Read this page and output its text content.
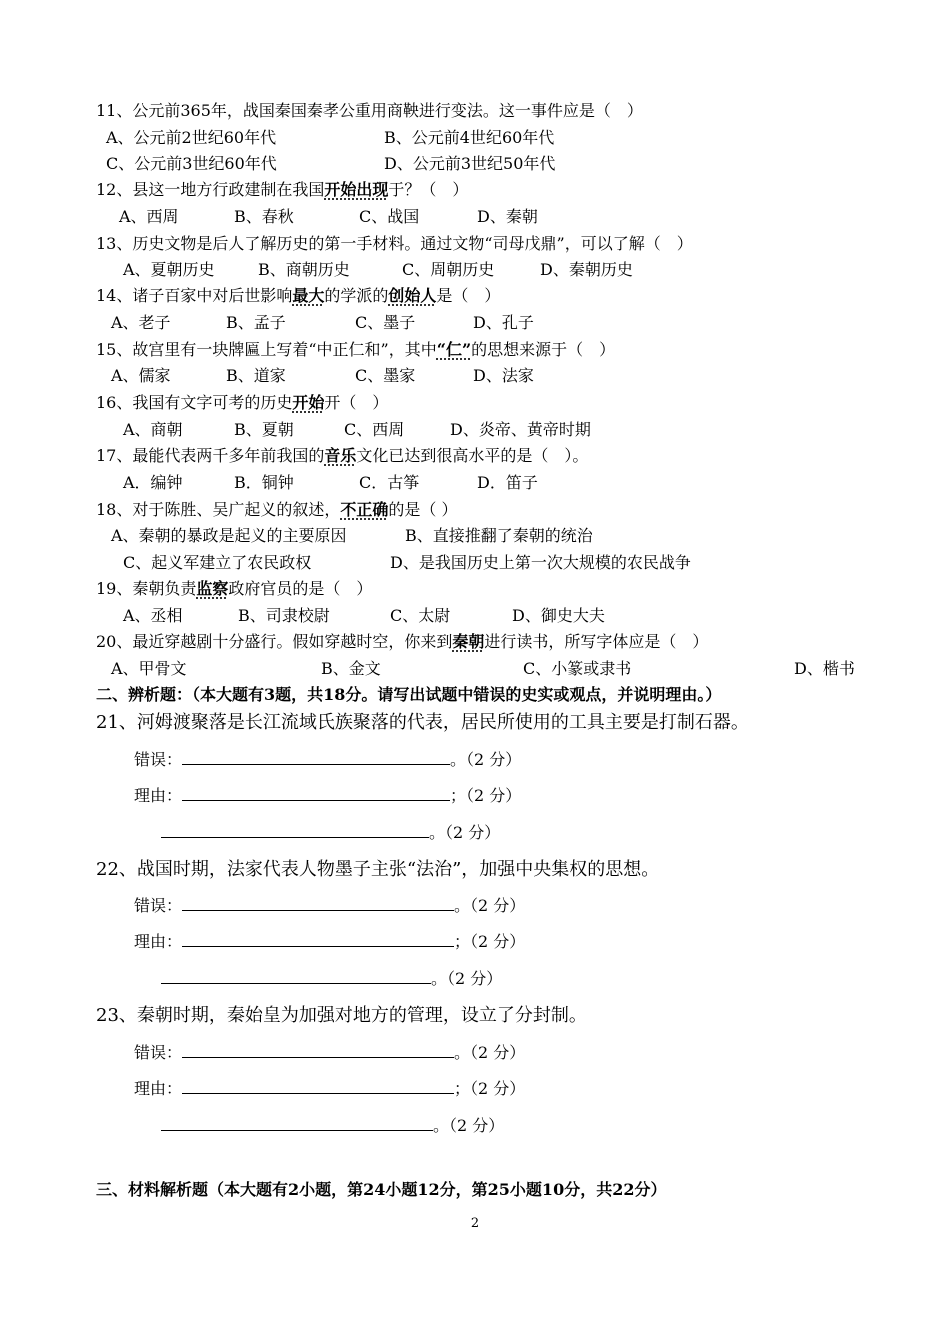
11、公元前365年，战国秦国秦孝公重用商鞅进行变法。这一事件应是（　）
A、公元前2世纪60年代	B、公元前4世纪60年代
C、公元前3世纪60年代	D、公元前3世纪50年代
12、县这一地方行政建制在我国开始出现于？（　）
A、西周	B、春秋	C、战国	D、秦朝
13、历史文物是后人了解历史的第一手材料。通过文物“司母戊鼎”，可以了解（　）
A、夏朝历史	B、商朝历史	C、周朝历史	D、秦朝历史
14、诸子百家中对后世影响最大的学派的创始人是（　）
A、老子	B、孟子	C、墨子	D、孔子
15、故宫里有一块牌匾上写着“中正仁和”，其中“仁”的思想来源于（　）
A、儒家	B、道家	C、墨家	D、法家
16、我国有文字可考的历史开始开（　）
A、商朝	B、夏朝	C、西周	D、炎帝、黄帝时期
17、最能代表两千多年前我国的音乐文化已达到很高水平的是（　）。
A．编钟	B．铜钟	C．古筝	D．笛子
18、对于陈胜、吴广起义的叙述，不正确的是（ ）
A、秦朝的暴政是起义的主要原因	B、直接推翻了秦朝的统治
C、起义军建立了农民政权	D、是我国历史上第一次大规模的农民战争
19、秦朝负责监察政府官员的是（　）
A、丞相	B、司隶校尉	C、太尉	D、御史大夫
20、最近穿越剧十分盛行。假如穿越时空，你来到秦朝进行读书，所写字体应是（　）
A、甲骨文	B、金文	C、小篆或隶书	D、楷书
二、辨析题：（本大题有3题，共18分。请写出试题中错误的史实或观点，并说明理由。）
21、河姆渡聚落是长江流域氏族聚落的代表，居民所使用的工具主要是打制石器。
错误：	。（2 分）
理由：	；（2 分）
。（2 分）
22、战国时期，法家代表人物墨子主张“法治”，加强中央集权的思想。
错误：	。（2 分）
理由：	；（2 分）
。（2 分）
23、秦朝时期，秦始皇为加强对地方的管理，设立了分封制。
错误：	。（2 分）
理由：	；（2 分）
。（2 分）
三、材料解析题（本大题有2小题，第24小题12分，第25小题10分，共22分）
2
